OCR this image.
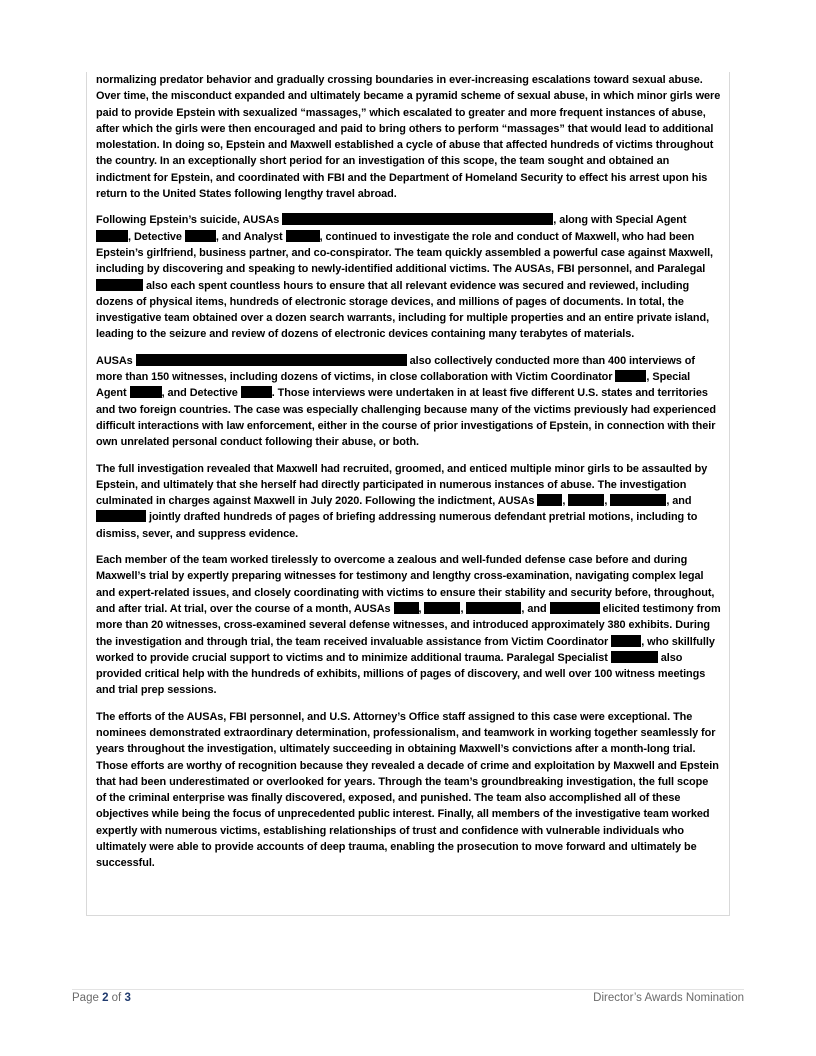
normalizing predator behavior and gradually crossing boundaries in ever-increasing escalations toward sexual abuse. Over time, the misconduct expanded and ultimately became a pyramid scheme of sexual abuse, in which minor girls were paid to provide Epstein with sexualized “massages,” which escalated to greater and more frequent instances of abuse, after which the girls were then encouraged and paid to bring others to perform “massages” that would lead to additional molestation. In doing so, Epstein and Maxwell established a cycle of abuse that affected hundreds of victims throughout the country. In an exceptionally short period for an investigation of this scope, the team sought and obtained an indictment for Epstein, and coordinated with FBI and the Department of Homeland Security to effect his arrest upon his return to the United States following lengthy travel abroad.

Following Epstein’s suicide, AUSAs	, along with Special Agent , Detective	, and Analyst	, continued to investigate the role and conduct of Maxwell, who had been Epstein’s girlfriend, business partner, and co-conspirator. The team quickly assembled a powerful case against Maxwell, including by discovering and speaking to newly-identified additional victims. The AUSAs, FBI personnel, and Paralegal  also each spent countless hours to ensure that all relevant evidence was secured and reviewed, including dozens of physical items, hundreds of electronic storage devices, and millions of pages of documents. In total, the investigative team obtained over a dozen search warrants, including for multiple properties and an entire private island, leading to the seizure and review of dozens of electronic devices containing many terabytes of materials.

AUSAs	also collectively conducted more than 400 interviews of more than 150 witnesses, including dozens of victims, in close collaboration with Victim Coordinator	, Special Agent	, and Detective	. Those interviews were undertaken in at least five different U.S. states and territories and two foreign countries. The case was especially challenging because many of the victims previously had experienced difficult interactions with law enforcement, either in the course of prior investigations of Epstein, in connection with their own unrelated personal conduct following their abuse, or both.

The full investigation revealed that Maxwell had recruited, groomed, and enticed multiple minor girls to be assaulted by Epstein, and ultimately that she herself had directly participated in numerous instances of abuse. The investigation culminated in charges against Maxwell in July 2020. Following the indictment, AUSAs ,	,	, and  jointly drafted hundreds of pages of briefing addressing numerous defendant pretrial motions, including to dismiss, sever, and suppress evidence.

Each member of the team worked tirelessly to overcome a zealous and well-funded defense case before and during Maxwell’s trial by expertly preparing witnesses for testimony and lengthy cross-examination, navigating complex legal and expert-related issues, and closely coordinating with victims to ensure their stability and security before, throughout, and after trial. At trial, over the course of a month, AUSAs ,	,	, and	elicited testimony from more than 20 witnesses, cross-examined several defense witnesses, and introduced approximately 380 exhibits. During the investigation and through trial, the team received invaluable assistance from Victim Coordinator	, who skillfully worked to provide crucial support to victims and to minimize additional trauma. Paralegal Specialist	also provided critical help with the hundreds of exhibits, millions of pages of discovery, and well over 100 witness meetings and trial prep sessions.

The efforts of the AUSAs, FBI personnel, and U.S. Attorney’s Office staff assigned to this case were exceptional. The nominees demonstrated extraordinary determination, professionalism, and teamwork in working together seamlessly for years throughout the investigation, ultimately succeeding in obtaining Maxwell’s convictions after a month-long trial. Those efforts are worthy of recognition because they revealed a decade of crime and exploitation by Maxwell and Epstein that had been underestimated or overlooked for years. Through the team’s groundbreaking investigation, the full scope of the criminal enterprise was finally discovered, exposed, and punished. The team also accomplished all of these objectives while being the focus of unprecedented public interest. Finally, all members of the investigative team worked expertly with numerous victims, establishing relationships of trust and confidence with vulnerable individuals who ultimately were able to provide accounts of deep trauma, enabling the prosecution to move forward and ultimately be successful.

Page 2 of 3	Director’s Awards Nomination
